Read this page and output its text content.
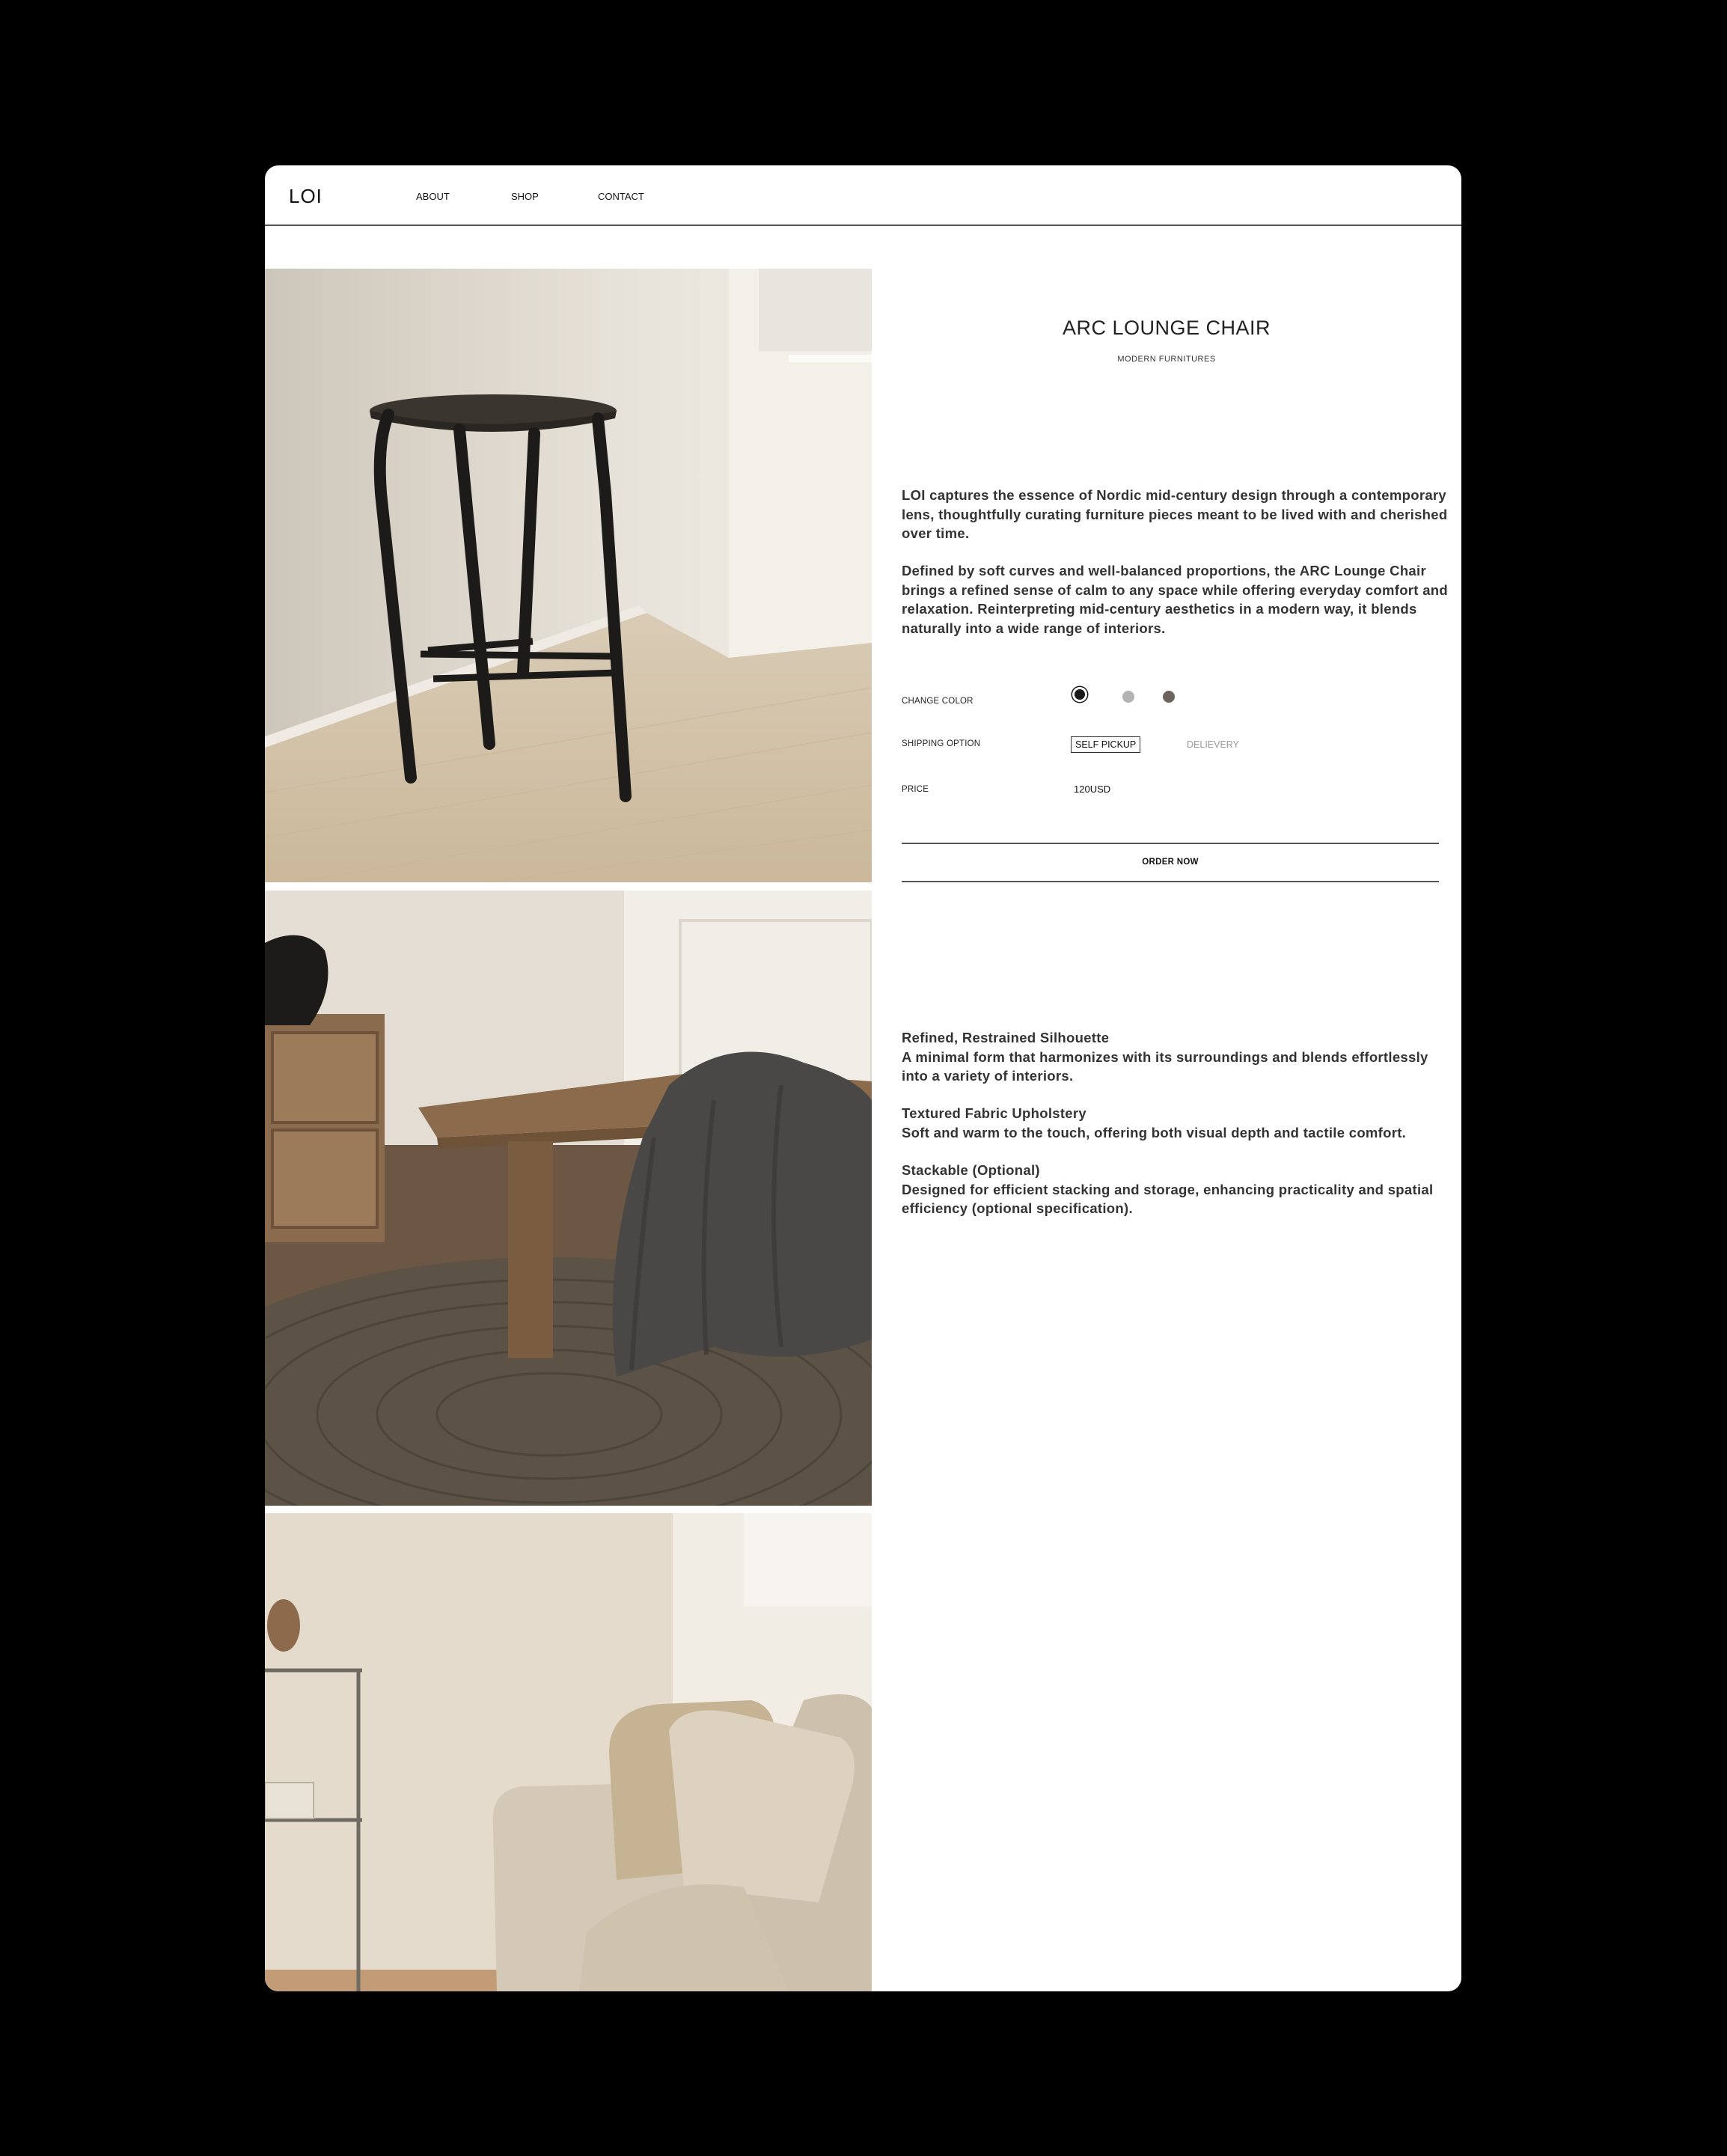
LOI	ABOUT	SHOP	CONTACT
ARC LOUNGE CHAIR
MODERN FURNITURES

LOI captures the essence of Nordic mid-century design through a contemporary lens, thoughtfully curating furniture pieces meant to be lived with and cherished over time.

Defined by soft curves and well-balanced proportions, the ARC Lounge Chair brings a refined sense of calm to any space while offering everyday comfort and relaxation. Reinterpreting mid-century aesthetics in a modern way, it blends naturally into a wide range of interiors.

CHANGE COLOR
SHIPPING OPTION	SELF PICKUP	DELIEVERY
PRICE	120USD
ORDER NOW

Refined, Restrained Silhouette
A minimal form that harmonizes with its surroundings and blends effortlessly into a variety of interiors.

Textured Fabric Upholstery
Soft and warm to the touch, offering both visual depth and tactile comfort.

Stackable (Optional)
Designed for efficient stacking and storage, enhancing practicality and spatial efficiency (optional specification).
